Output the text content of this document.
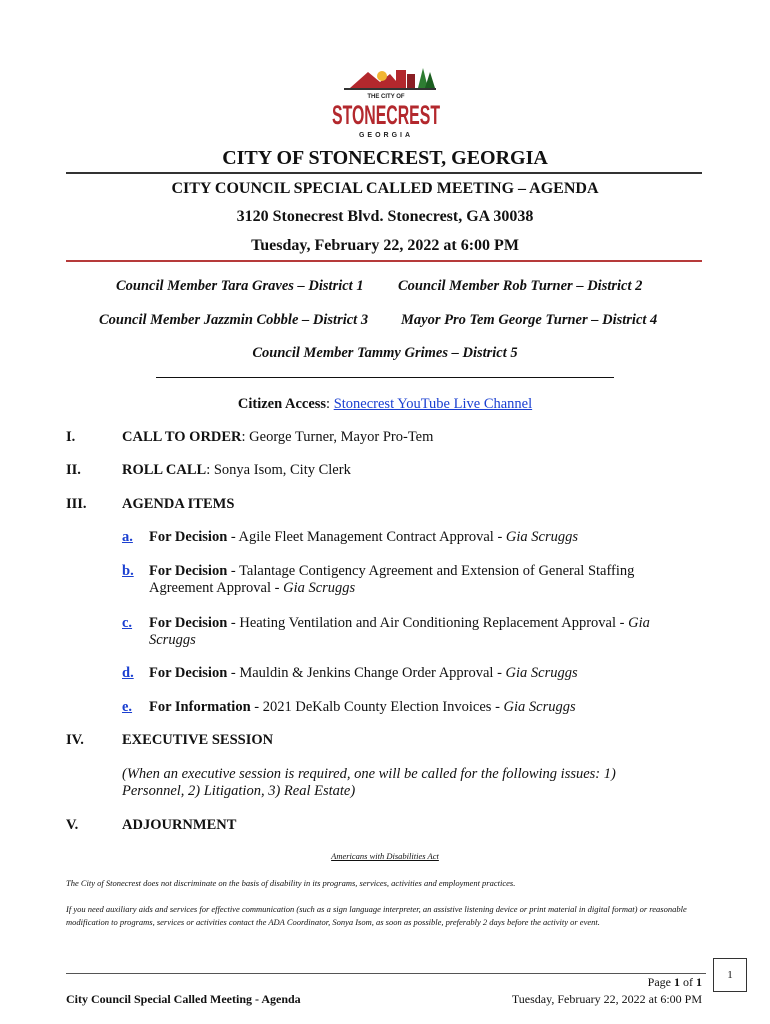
THE CITY OF
STONECREST
GEORGIA
CITY OF STONECREST, GEORGIA
CITY COUNCIL SPECIAL CALLED MEETING – AGENDA
3120 Stonecrest Blvd. Stonecrest, GA 30038
Tuesday, February 22, 2022 at 6:00 PM
Council Member Tara Graves – District 1 Council Member Rob Turner – District 2
Council Member Jazzmin Cobble – District 3 Mayor Pro Tem George Turner – District 4
Council Member Tammy Grimes – District 5
Citizen Access: Stonecrest YouTube Live Channel
I.	CALL TO ORDER: George Turner, Mayor Pro-Tem
II.	ROLL CALL: Sonya Isom, City Clerk
III. AGENDA ITEMS
a. For Decision - Agile Fleet Management Contract Approval - Gia Scruggs
b. For Decision - Talantage Contigency Agreement and Extension of General Staffing Agreement Approval - Gia Scruggs
c. For Decision - Heating Ventilation and Air Conditioning Replacement Approval - Gia Scruggs
d. For Decision - Mauldin & Jenkins Change Order Approval - Gia Scruggs
e. For Information - 2021 DeKalb County Election Invoices - Gia Scruggs
IV.	EXECUTIVE SESSION
(When an executive session is required, one will be called for the following issues: 1) Personnel, 2) Litigation, 3) Real Estate)
V.	ADJOURNMENT
Americans with Disabilities Act
The City of Stonecrest does not discriminate on the basis of disability in its programs, services, activities and employment practices.
If you need auxiliary aids and services for effective communication (such as a sign language interpreter, an assistive listening device or print material in digital format) or reasonable modification to programs, services or activities contact the ADA Coordinator, Sonya Isom, as soon as possible, preferably 2 days before the activity or event.
Page 1 of 1
City Council Special Called Meeting - Agenda	Tuesday, February 22, 2022 at 6:00 PM
1
